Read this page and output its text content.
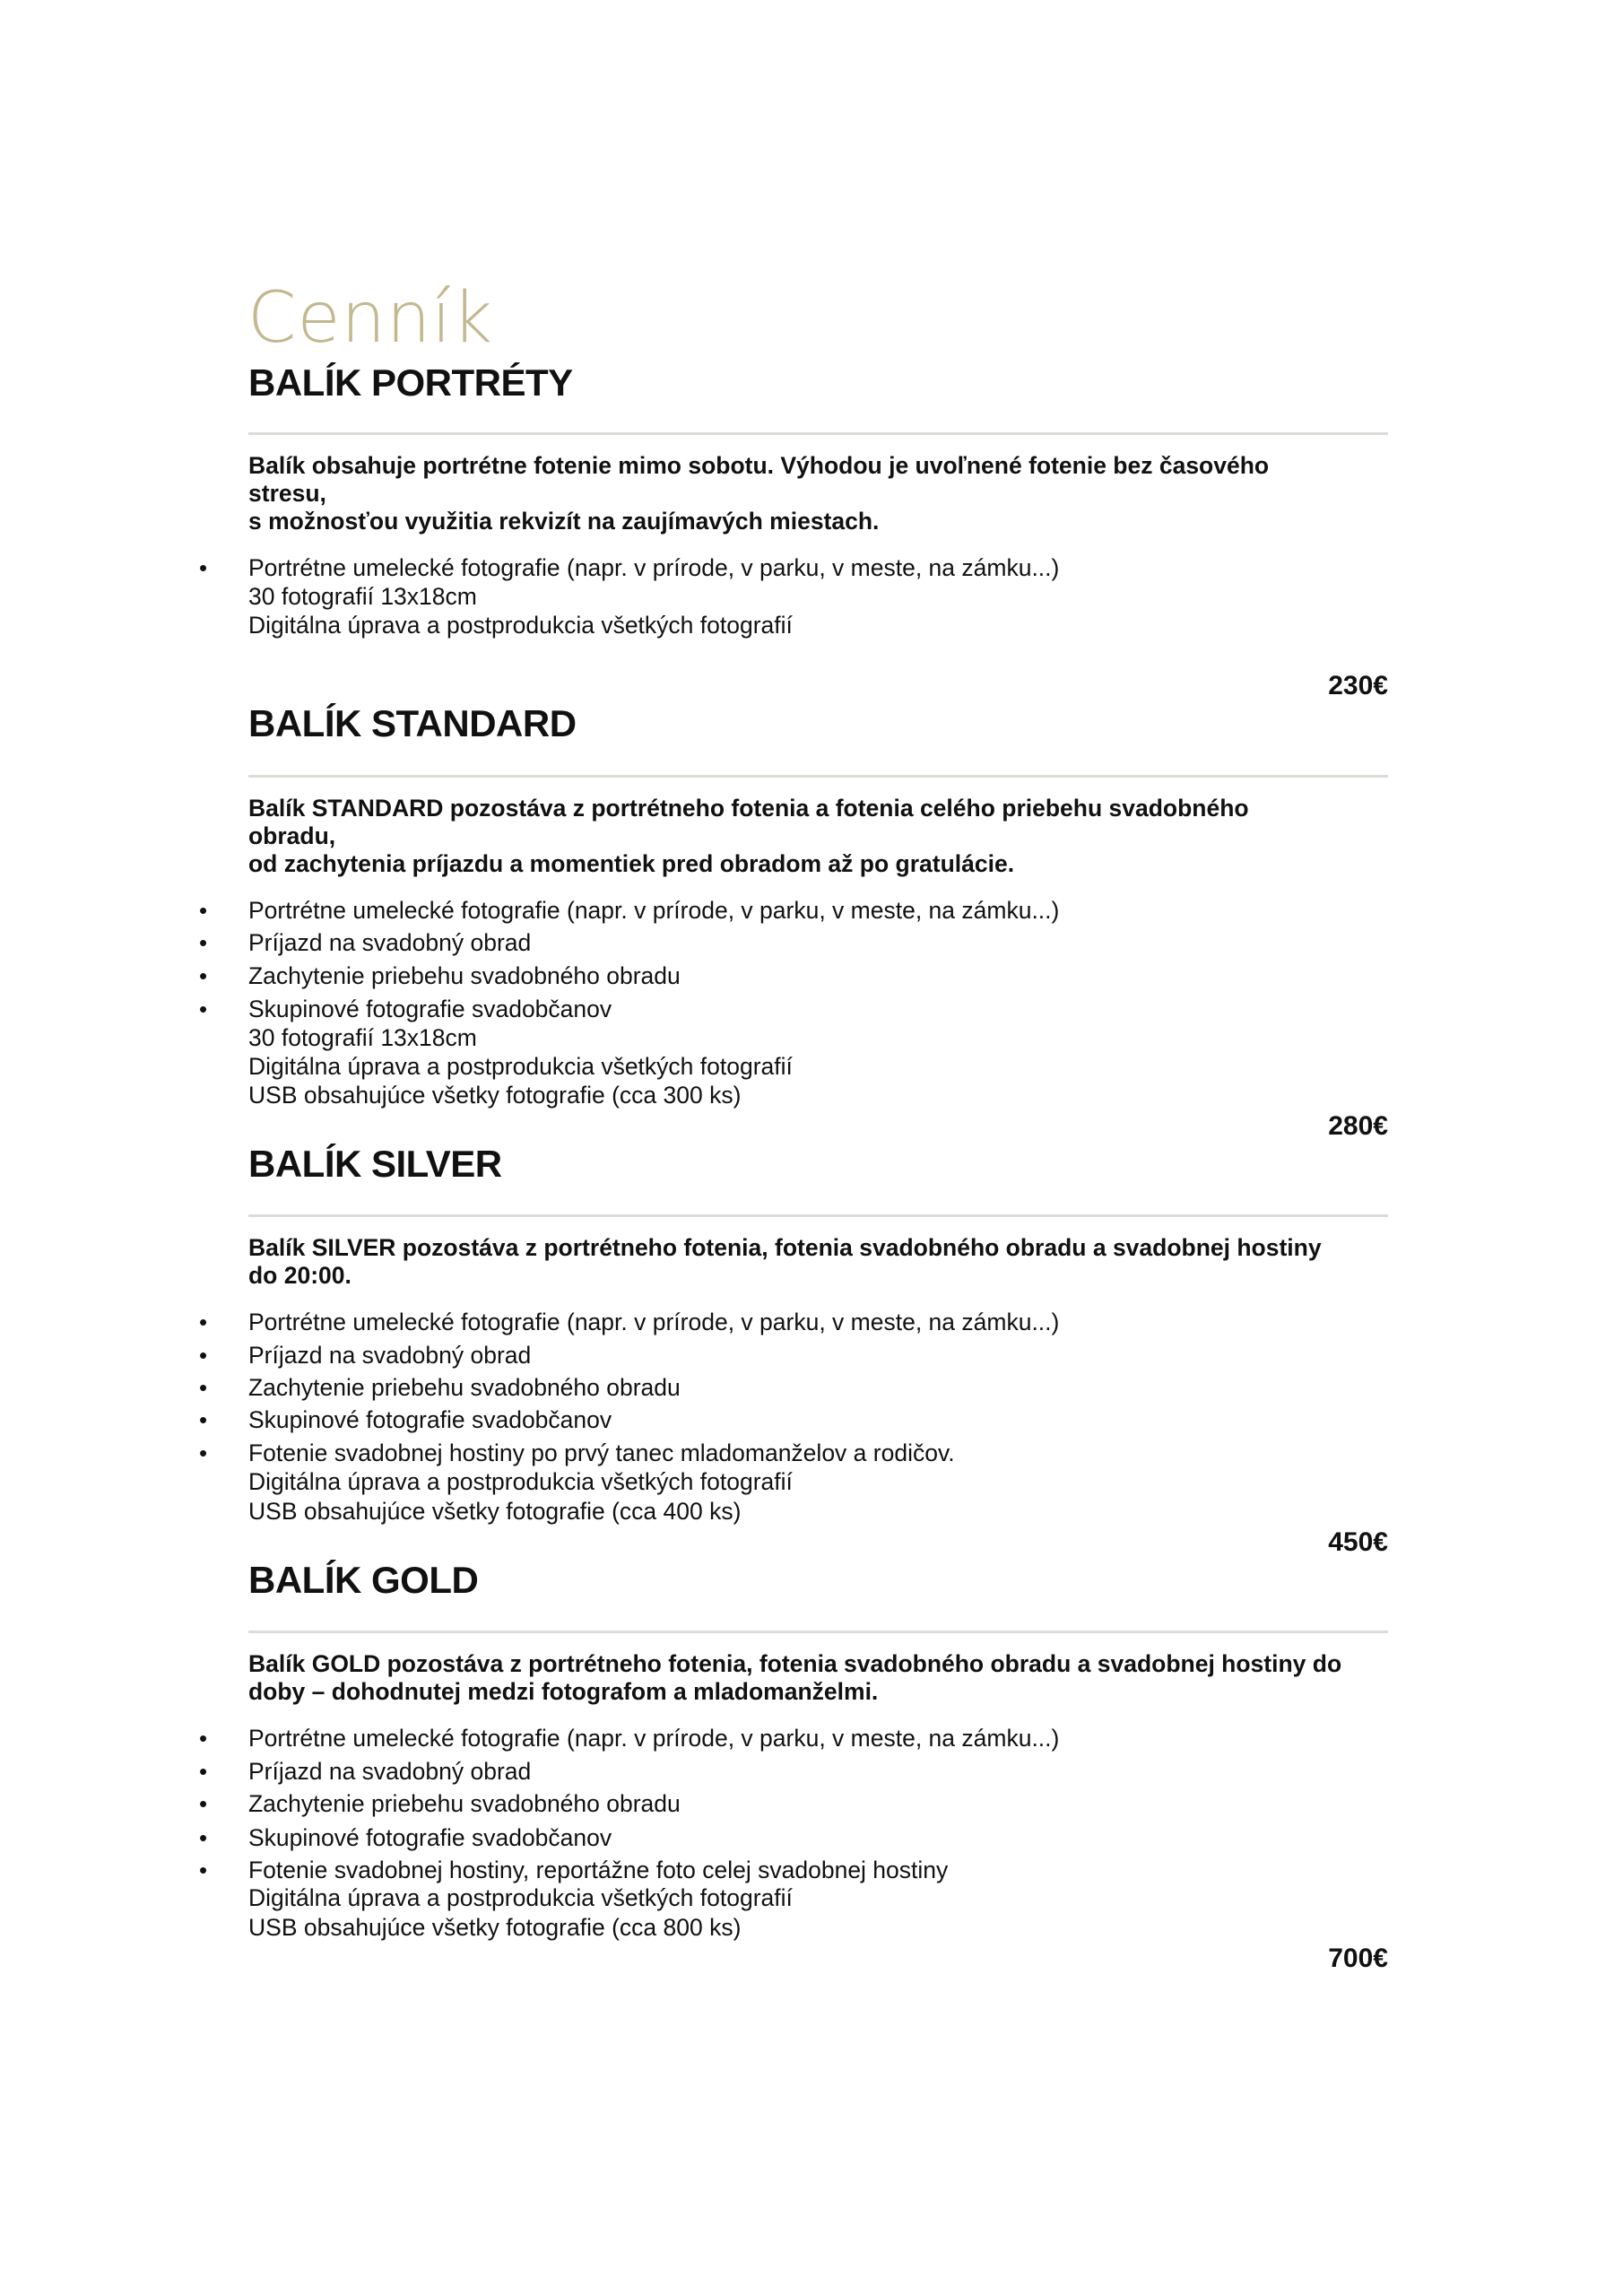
Cenník
BALÍK PORTRÉTY
Balík obsahuje portrétne fotenie mimo sobotu. Výhodou je uvoľnené fotenie bez časového
stresu,
s možnosťou využitia rekvizít na zaujímavých miestach.
• Portrétne umelecké fotografie (napr. v prírode, v parku, v meste, na zámku...)
30 fotografií 13x18cm
Digitálna úprava a postprodukcia všetkých fotografií
230€
BALÍK STANDARD
Balík STANDARD pozostáva z portrétneho fotenia a fotenia celého priebehu svadobného
obradu,
od zachytenia príjazdu a momentiek pred obradom až po gratulácie.
• Portrétne umelecké fotografie (napr. v prírode, v parku, v meste, na zámku...)
• Príjazd na svadobný obrad
• Zachytenie priebehu svadobného obradu
• Skupinové fotografie svadobčanov
30 fotografií 13x18cm
Digitálna úprava a postprodukcia všetkých fotografií
USB obsahujúce všetky fotografie (cca 300 ks)
280€
BALÍK SILVER
Balík SILVER pozostáva z portrétneho fotenia, fotenia svadobného obradu a svadobnej hostiny
do 20:00.
• Portrétne umelecké fotografie (napr. v prírode, v parku, v meste, na zámku...)
• Príjazd na svadobný obrad
• Zachytenie priebehu svadobného obradu
• Skupinové fotografie svadobčanov
• Fotenie svadobnej hostiny po prvý tanec mladomanželov a rodičov.
Digitálna úprava a postprodukcia všetkých fotografií
USB obsahujúce všetky fotografie (cca 400 ks)
450€
BALÍK GOLD
Balík GOLD pozostáva z portrétneho fotenia, fotenia svadobného obradu a svadobnej hostiny do
doby – dohodnutej medzi fotografom a mladomanželmi.
• Portrétne umelecké fotografie (napr. v prírode, v parku, v meste, na zámku...)
• Príjazd na svadobný obrad
• Zachytenie priebehu svadobného obradu
• Skupinové fotografie svadobčanov
• Fotenie svadobnej hostiny, reportážne foto celej svadobnej hostiny
Digitálna úprava a postprodukcia všetkých fotografií
USB obsahujúce všetky fotografie (cca 800 ks)
700€
